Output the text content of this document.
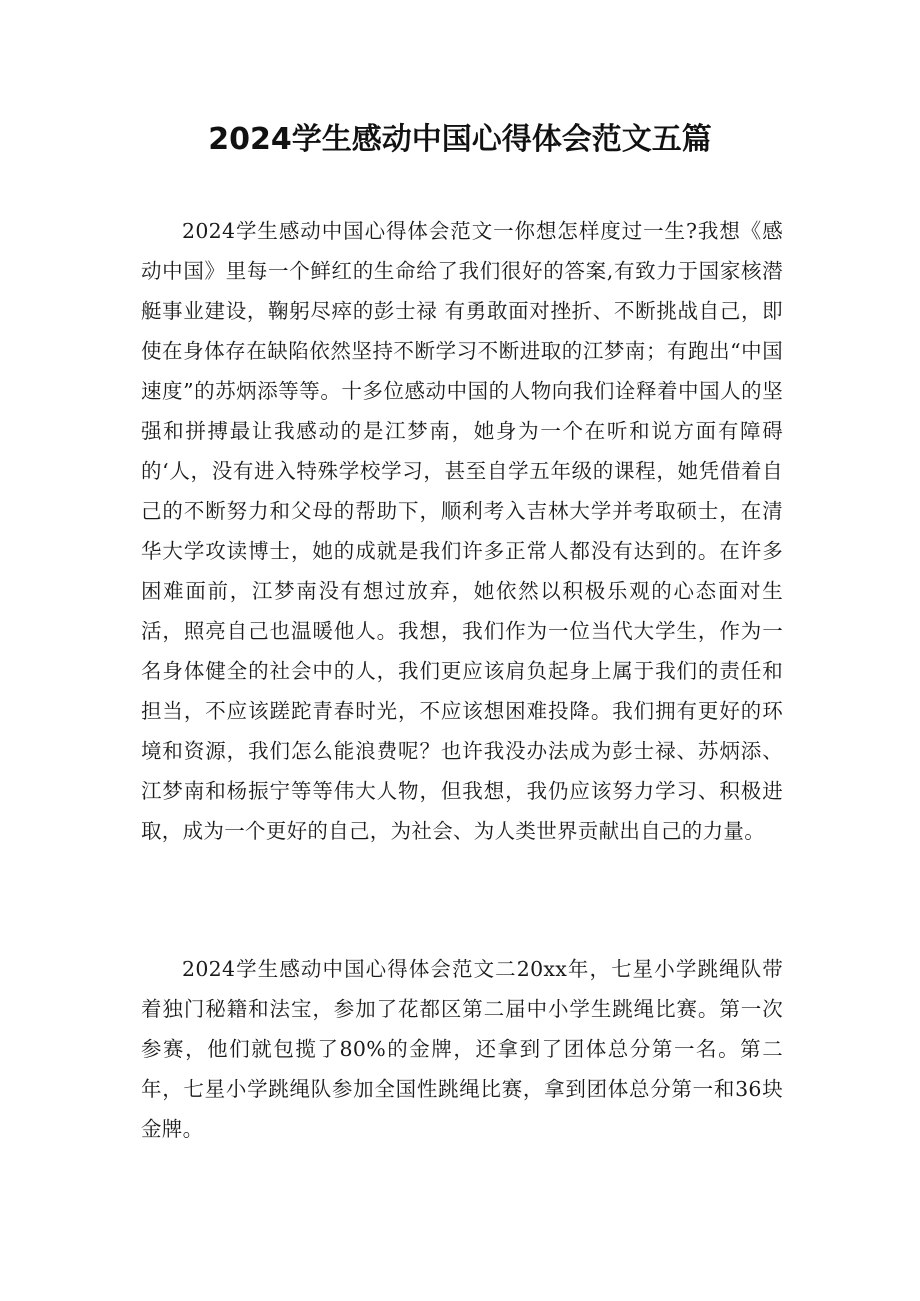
2024学生感动中国心得体会范文五篇

2024学生感动中国心得体会范文一你想怎样度过一生?我想《感动中国》里每一个鲜红的生命给了我们很好的答案,有致力于国家核潜艇事业建设，鞠躬尽瘁的彭士禄 有勇敢面对挫折、不断挑战自己，即使在身体存在缺陷依然坚持不断学习不断进取的江梦南；有跑出“中国速度”的苏炳添等等。十多位感动中国的人物向我们诠释着中国人的坚强和拼搏最让我感动的是江梦南，她身为一个在听和说方面有障碍的‘人，没有进入特殊学校学习，甚至自学五年级的课程，她凭借着自己的不断努力和父母的帮助下，顺利考入吉林大学并考取硕士，在清华大学攻读博士，她的成就是我们许多正常人都没有达到的。在许多困难面前，江梦南没有想过放弃，她依然以积极乐观的心态面对生活，照亮自己也温暖他人。我想，我们作为一位当代大学生，作为一名身体健全的社会中的人，我们更应该肩负起身上属于我们的责任和担当，不应该蹉跎青春时光，不应该想困难投降。我们拥有更好的环境和资源，我们怎么能浪费呢？也许我没办法成为彭士禄、苏炳添、江梦南和杨振宁等等伟大人物，但我想，我仍应该努力学习、积极进取，成为一个更好的自己，为社会、为人类世界贡献出自己的力量。

2024学生感动中国心得体会范文二20xx年，七星小学跳绳队带着独门秘籍和法宝，参加了花都区第二届中小学生跳绳比赛。第一次参赛，他们就包揽了80%的金牌，还拿到了团体总分第一名。第二年，七星小学跳绳队参加全国性跳绳比赛，拿到团体总分第一和36块金牌。
